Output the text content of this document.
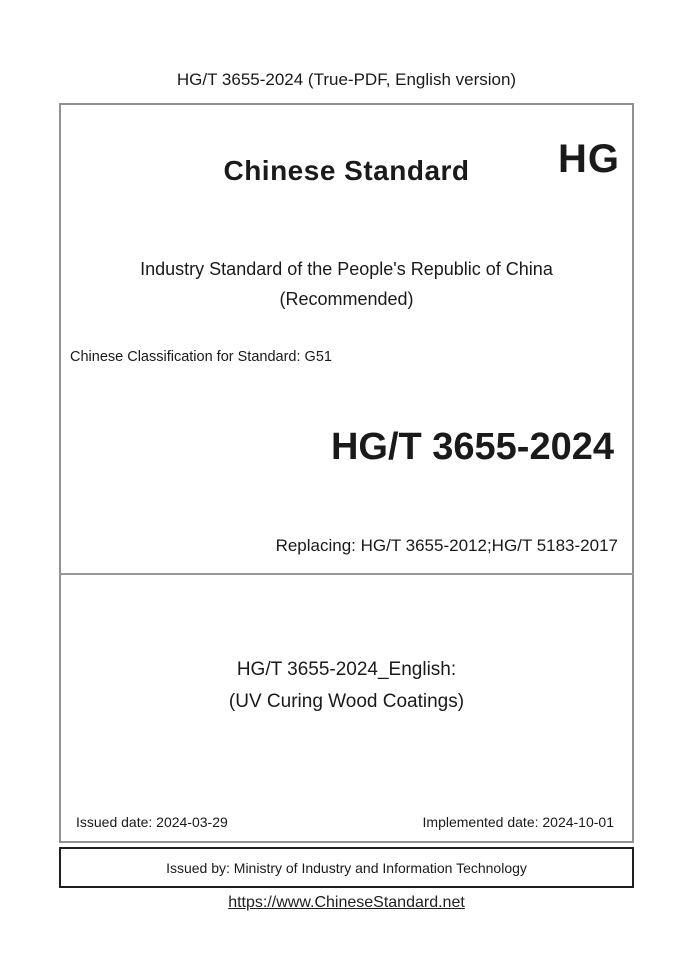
HG/T 3655-2024 (True-PDF, English version)
Chinese Standard	HG
Industry Standard of the People's Republic of China
(Recommended)
Chinese Classification for Standard: G51
HG/T 3655-2024
Replacing: HG/T 3655-2012;HG/T 5183-2017
HG/T 3655-2024_English:
(UV Curing Wood Coatings)
Issued date: 2024-03-29	Implemented date: 2024-10-01
Issued by: Ministry of Industry and Information Technology
https://www.ChineseStandard.net
